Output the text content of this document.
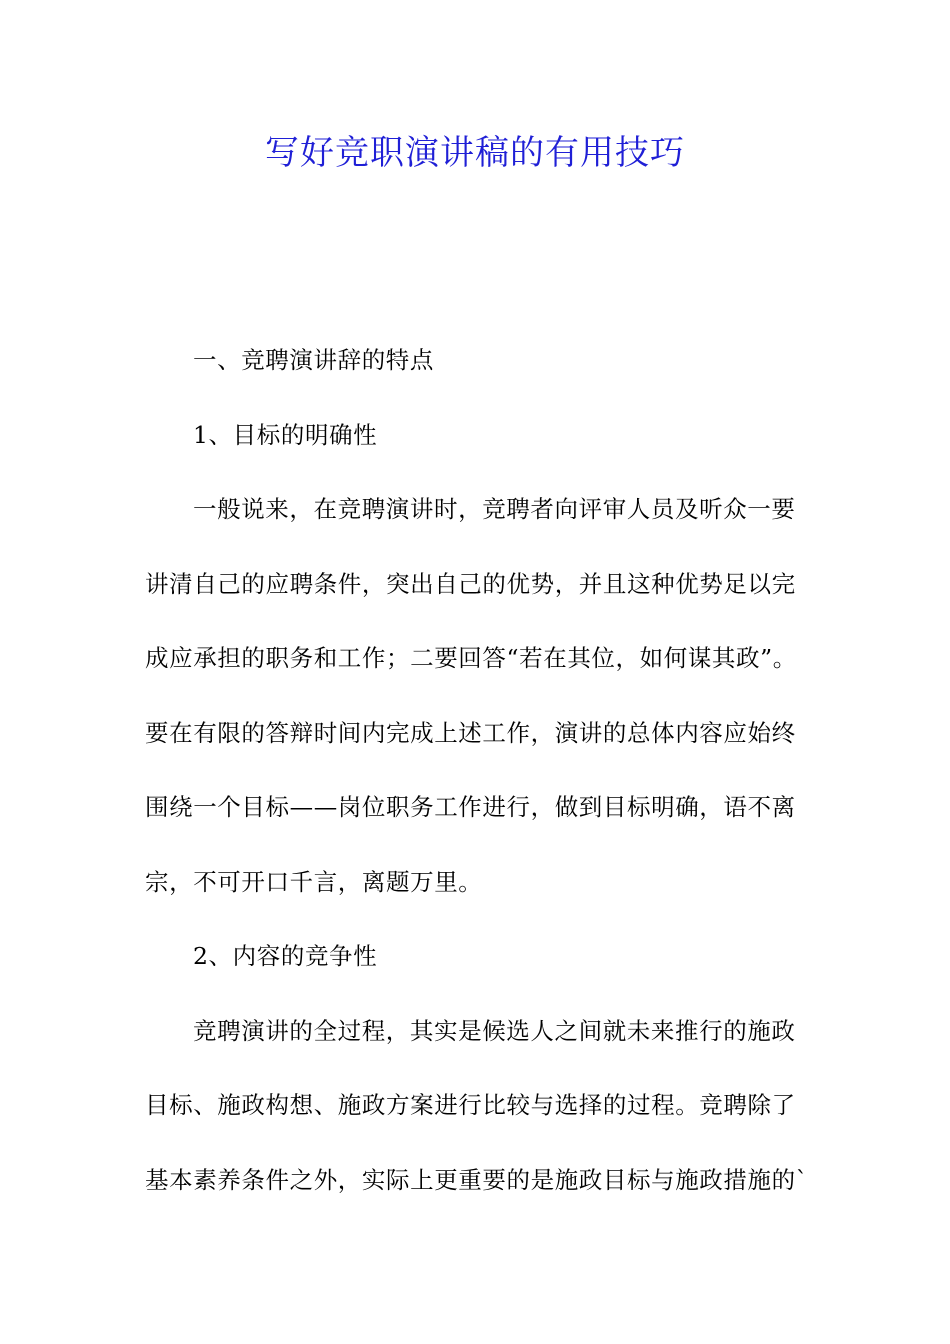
写好竞职演讲稿的有用技巧
一、竞聘演讲辞的特点
1、目标的明确性
一般说来，在竞聘演讲时，竞聘者向评审人员及听众一要
讲清自己的应聘条件，突出自己的优势，并且这种优势足以完
成应承担的职务和工作；二要回答“若在其位，如何谋其政”。
要在有限的答辩时间内完成上述工作，演讲的总体内容应始终
围绕一个目标——岗位职务工作进行，做到目标明确，语不离
宗，不可开口千言，离题万里。
2、内容的竞争性
竞聘演讲的全过程，其实是候选人之间就未来推行的施政
目标、施政构想、施政方案进行比较与选择的过程。竞聘除了
基本素养条件之外，实际上更重要的是施政目标与施政措施的`
